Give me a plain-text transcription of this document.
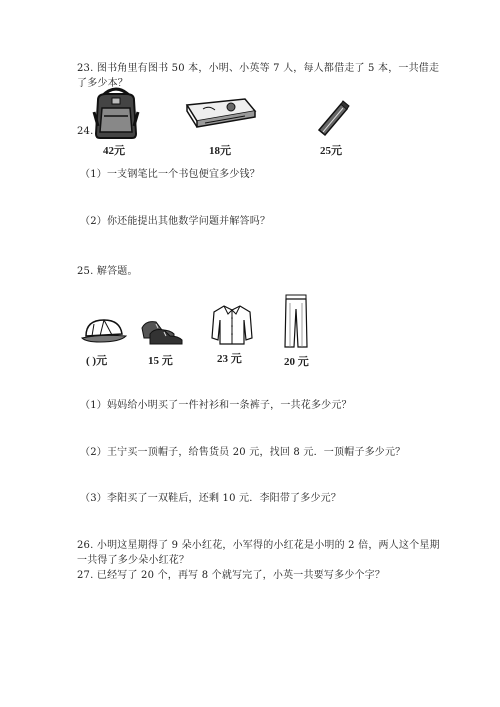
23. 图书角里有图书 50 本，小明、小英等 7 人，每人都借走了 5 本，一共借走
了多少本？
24.
42元	18元	25元
（1）一支钢笔比一个书包便宜多少钱？
（2）你还能提出其他数学问题并解答吗？
25. 解答题。
( )元	15 元	23 元	20 元
（1）妈妈给小明买了一件衬衫和一条裤子，一共花多少元？
（2）王宁买一顶帽子，给售货员 20 元，找回 8 元．一顶帽子多少元？
（3）李阳买了一双鞋后，还剩 10 元．李阳带了多少元？
26. 小明这星期得了 9 朵小红花，小军得的小红花是小明的 2 倍，两人这个星期
一共得了多少朵小红花？
27. 已经写了 20 个，再写 8 个就写完了，小英一共要写多少个字？
